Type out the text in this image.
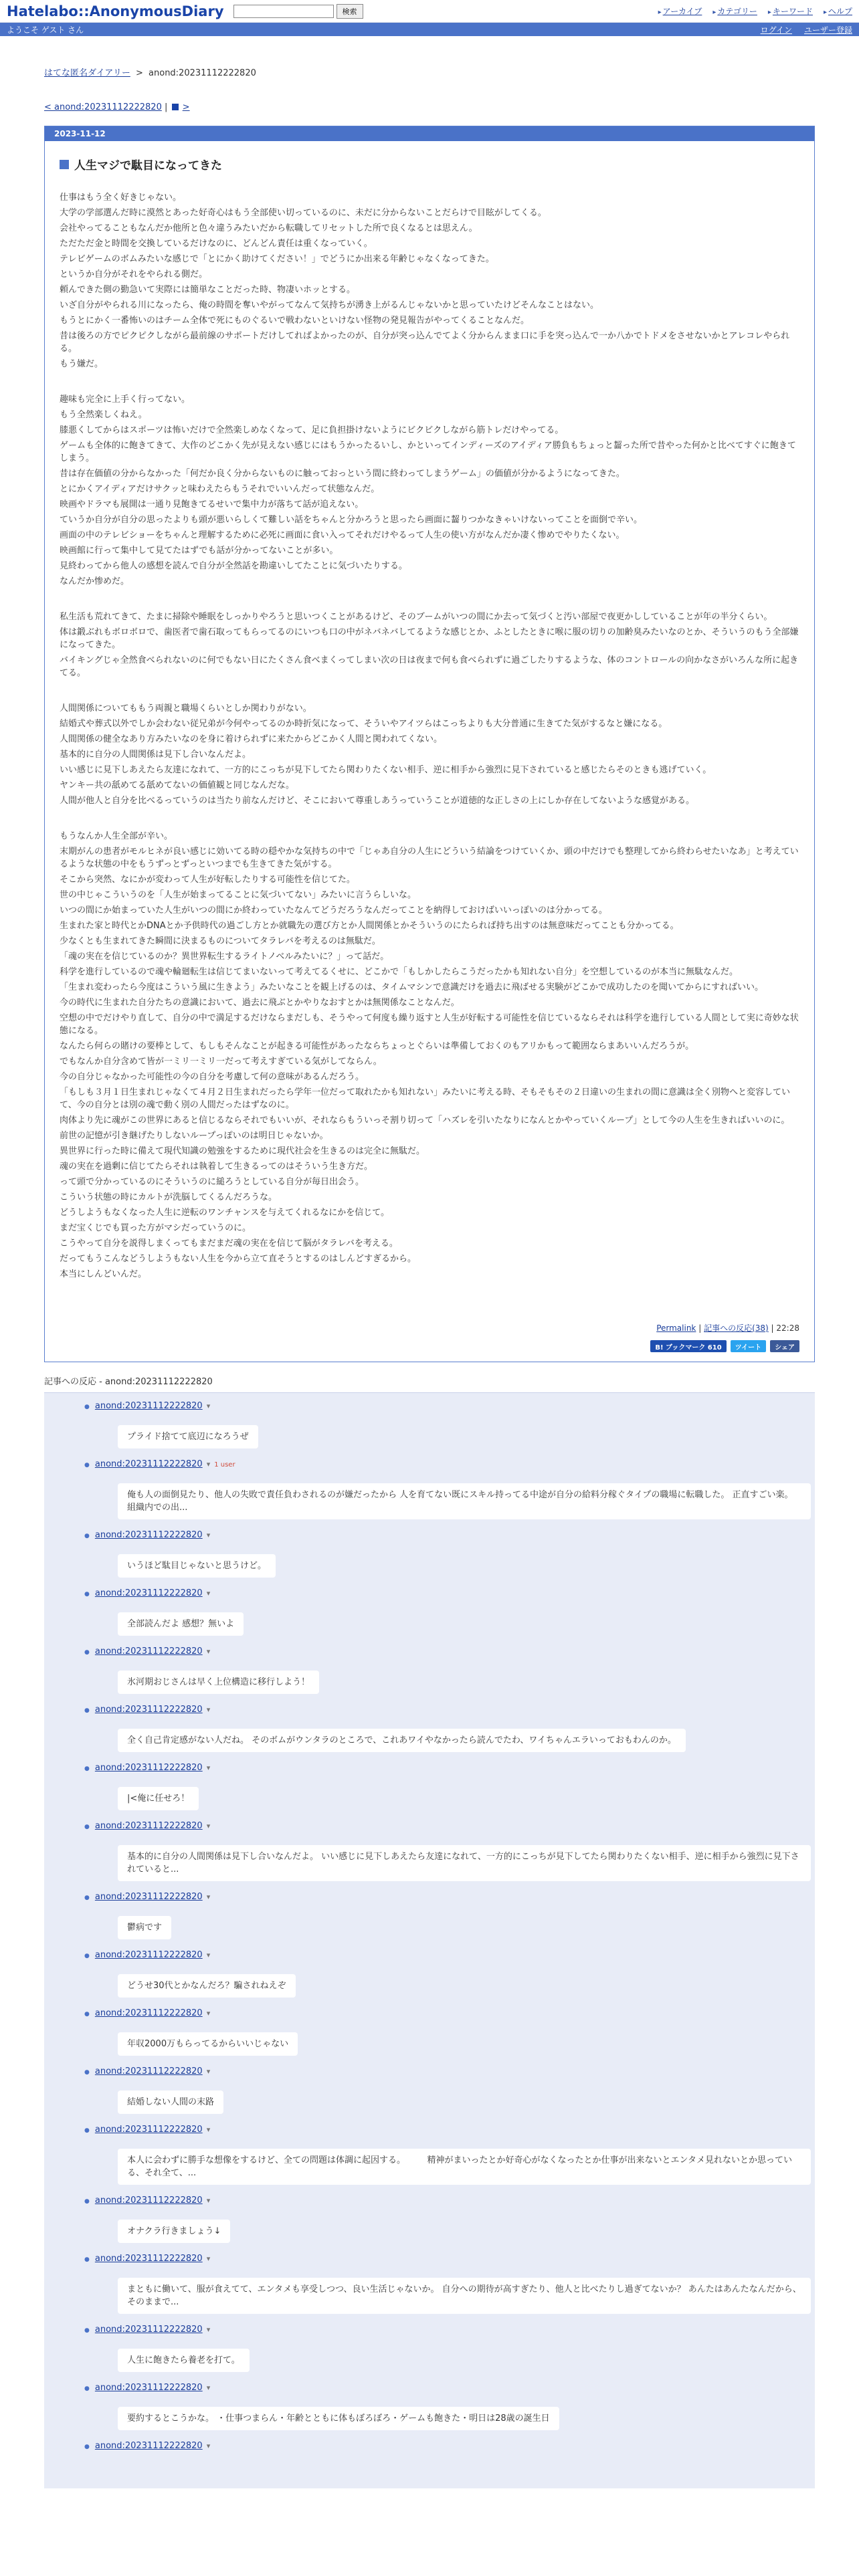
Hatelabo::AnonymousDiary	検索	▸ アーカイブ ▸ カテゴリー ▸ キーワード ▸ ヘルプ
ようこそ ゲスト さん	ログイン ユーザー登録
はてな匿名ダイアリー > anond:20231112222820
< anond:20231112222820 | >
2023-11-12
人生マジで駄目になってきた

仕事はもう全く好きじゃない。

大学の学部選んだ時に漠然とあった好奇心はもう全部使い切っているのに、未だに分からないことだらけで目眩がしてくる。

会社やってることもなんだか他所と色々違うみたいだから転職してリセットした所で良くなるとは思えん。

ただただ金と時間を交換しているだけなのに、どんどん責任は重くなっていく。

テレビゲームのボムみたいな感じで「とにかく助けてください！」でどうにか出来る年齢じゃなくなってきた。

というか自分がそれをやられる側だ。

頼んできた側の勤急いて実際には簡単なことだった時、物凄いホッとする。

いざ自分がやられる川になったら、俺の時間を奪いやがってなんて気持ちが湧き上がるんじゃないかと思っていたけどそんなことはない。

もうとにかく一番怖いのはチーム全体で死にものぐるいで戦わないといけない怪物の発見報告がやってくることなんだ。

昔は後ろの方でピクピクしながら最前線のサポートだけしてればよかったのが、自分が突っ込んでてよく分からんまま口に手を突っ込んで一か八かでトドメをさせないかとアレコレやられる。

もう嫌だ。

趣味も完全に上手く行ってない。

もう全然楽しくねえ。

膝悪くしてからはスポーツは怖いだけで全然楽しめなくなって、足に負担掛けないようにビクビクしながら筋トレだけやってる。

ゲームも全体的に飽きてきて、大作のどこかく先が見えない感じにはもうかったるいし、かといってインディーズのアイディア勝負もちょっと齧った所で昔やった何かと比べてすぐに飽きてしまう。

昔は存在価値の分からなかった「何だか良く分からないものに触っておっという間に終わってしまうゲーム」の価値が分かるようになってきた。

とにかくアイディアだけサクッと味わえたらもうそれでいいんだって状態なんだ。

映画やドラマも展開は一通り見飽きてるせいで集中力が落ちて話が追えない。

ていうか自分が自分の思ったよりも頭が悪いらしくて難しい話をちゃんと分かろうと思ったら画面に齧りつかなきゃいけないってことを面倒で辛い。

画面の中のテレビショーをちゃんと理解するために必死に画面に食い入ってそれだけやるって人生の使い方がなんだか凄く惨めでやりたくない。

映画館に行って集中して見てたはずでも話が分かってないことが多い。

見終わってから他人の感想を読んで自分が全然話を勘違いしてたことに気づいたりする。

なんだか惨めだ。

私生活も荒れてきて、たまに掃除や睡眠をしっかりやろうと思いつくことがあるけど、そのブームがいつの間にか去って気づくと汚い部屋で夜更かししていることが年の半分くらい。

体は鍛ぶれもボロボロで、歯医者で歯石取ってもらってるのにいつも口の中がネバネバしてるような感じとか、ふとしたときに喉に服の切りの加齢臭みたいなのとか、そういうのもう全部嫌になってきた。

バイキングじゃ全然食べられないのに何でもない日にたくさん食べまくってしまい次の日は夜まで何も食べられずに過ごしたりするような、体のコントロールの向かなさがいろんな所に起きてる。

人間関係についてももう両親と職場くらいとしか関わりがない。

結婚式や葬式以外でしか会わない従兄弟が今何やってるのか時折気になって、そういやアイツらはこっちよりも大分普通に生きてた気がするなと嫌になる。

人間関係の健全なあり方みたいなのを身に着けられずに来たからどこかく人間と関われてくない。

基本的に自分の人間関係は見下し合いなんだよ。

いい感じに見下しあえたら友達になれて、一方的にこっちが見下してたら関わりたくない相手、逆に相手から強烈に見下されていると感じたらそのときも逃げていく。

ヤンキー共の舐めてる舐めてないの価値観と同じなんだな。

人間が他人と自分を比べるっていうのは当たり前なんだけど、そこにおいて尊重しあうっていうことが道徳的な正しさの上にしか存在してないような感覚がある。

もうなんか人生全部が辛い。

末期がんの患者がモルヒネが良い感じに効いてる時の穏やかな気持ちの中で「じゃあ自分の人生にどういう結論をつけていくか、頭の中だけでも整理してから終わらせたいなあ」と考えているような状態の中をもうずっとずっといつまでも生きてきた気がする。

そこから突然、なにかが変わって人生が好転したりする可能性を信じてた。

世の中じゃこういうのを「人生が始まってることに気づいてない」みたいに言うらしいな。

いつの間にか始まっていた人生がいつの間にか終わっていたなんてどうだろうなんだってことを納得しておけばいいっぽいのは分かってる。

生まれた家と時代とかDNAとか予供時代の過ごし方とか就職先の選び方とか人間関係とかそういうのにたられば持ち出すのは無意味だってことも分かってる。

少なくとも生まれてきた瞬間に決まるものについてタラレバを考えるのは無駄だ。

「魂の実在を信じているのか？異世界転生するライトノベルみたいに？」って話だ。

科学を進行しているので魂や輪廻転生は信じてまいないって考えてるくせに、どこかで「もしかしたらこうだったかも知れない自分」を空想しているのが本当に無駄なんだ。

「生まれ変わったら今度はこういう風に生きよう」みたいなことを観上げるのは、タイムマシンで意識だけを過去に飛ばせる実験がどこかで成功したのを聞いてからにすればいい。

今の時代に生まれた自分たちの意識において、過去に飛ぶとかやりなおすとかは無関係なことなんだ。

空想の中でだけやり直して、自分の中で満足するだけならまだしも、そうやって何度も繰り返すと人生が好転する可能性を信じているならそれは科学を進行している人間として実に奇妙な状態になる。

なんたら何らの賭けの要棒として、もしもそんなことが起きる可能性があったならちょっとぐらいは準備しておくのもアリかもって範囲ならまあいいんだろうが。

でもなんか自分含めて皆が一ミリ一ミリ一だって考えすぎている気がしてならん。

今の自分じゃなかった可能性の今の自分を考慮して何の意味があるんだろう。

「もしも３月１日生まれじゃなくて４月２日生まれだったら学年一位だって取れたかも知れない」みたいに考える時、そもそもその２日違いの生まれの間に意識は全く別物へと変容していて、今の自分とは別の魂で動く別の人間だったはずなのに。

肉体より先に魂がこの世界にあると信じるならそれでもいいが、それならもういっそ割り切って「ハズレを引いたなりになんとかやっていくループ」として今の人生を生きればいいのに。

前世の記憶が引き継げたりしないループっぽいのは明日じゃないか。

異世界に行った時に備えて現代知識の勉強をするために現代社会を生きるのは完全に無駄だ。

魂の実在を過剰に信じてたらそれは執着して生きるってのはそういう生き方だ。

って頭で分かっているのにそういうのに縋ろうとしている自分が毎日出会う。

こういう状態の時にカルトが洗脳してくるんだろうな。

どうしようもなくなった人生に逆転のワンチャンスを与えてくれるなにかを信じて。

まだ宝くじでも買った方がマシだっていうのに。

こうやって自分を説得しまくってもまだまだ魂の実在を信じて脳がタラレバを考える。

だってもうこんなどうしようもない人生を今から立て直そうとするのはしんどすぎるから。

本当にしんどいんだ。

Permalink | 記事への反応(38) | 22:28
B! ブックマーク 610	ツイート	シェア
記事への反応 - anond:20231112222820
● anond:20231112222820 ▾

プライド捨てて底辺になろうぜ
● anond:20231112222820 ▾ 1 user

俺も人の面倒見たり、他人の失敗で責任負わされるのが嫌だったから 人を育てない既にスキル持ってる中途が自分の給料分稼ぐタイプの職場に転職した。 正直すごい楽。組織内での出...
● anond:20231112222820 ▾

いうほど駄目じゃないと思うけど。
● anond:20231112222820 ▾

全部読んだよ 感想？無いよ
● anond:20231112222820 ▾

氷河期おじさんは早く上位構造に移行しよう！
● anond:20231112222820 ▾

全く自己肯定感がない人だね。 そのボムがウンタラのところで、これあワイやなかったら読んでたわ、ワイちゃんエラいっておもわんのか。
● anond:20231112222820 ▾

|<俺に任せろ！
● anond:20231112222820 ▾

基本的に自分の人間関係は見下し合いなんだよ。 いい感じに見下しあえたら友達になれて、一方的にこっちが見下してたら関わりたくない相手、逆に相手から強烈に見下されていると...
● anond:20231112222820 ▾

鬱病です
● anond:20231112222820 ▾

どうせ30代とかなんだろ？騙されねえぞ
● anond:20231112222820 ▾

年収2000万もらってるからいいじゃない
● anond:20231112222820 ▾

結婚しない人間の末路
● anond:20231112222820 ▾

本人に会わずに勝手な想像をするけど、全ての問題は体調に起因する。　　　精神がまいったとか好奇心がなくなったとか仕事が出来ないとエンタメ見れないとか思っている、それ全て、...
● anond:20231112222820 ▾

オナクラ行きましょう↓
● anond:20231112222820 ▾

まともに働いて、服が食えてて、エンタメも享受しつつ、良い生活じゃないか。 自分への期待が高すぎたり、他人と比べたりし過ぎてないか？ あんたはあんたなんだから、そのままで...
● anond:20231112222820 ▾

人生に飽きたら養老を打て。
● anond:20231112222820 ▾

要約するとこうかな。 ・仕事つまらん・年齢とともに体もぼろぼろ・ゲームも飽きた・明日は28歳の誕生日
● anond:20231112222820 ▾
